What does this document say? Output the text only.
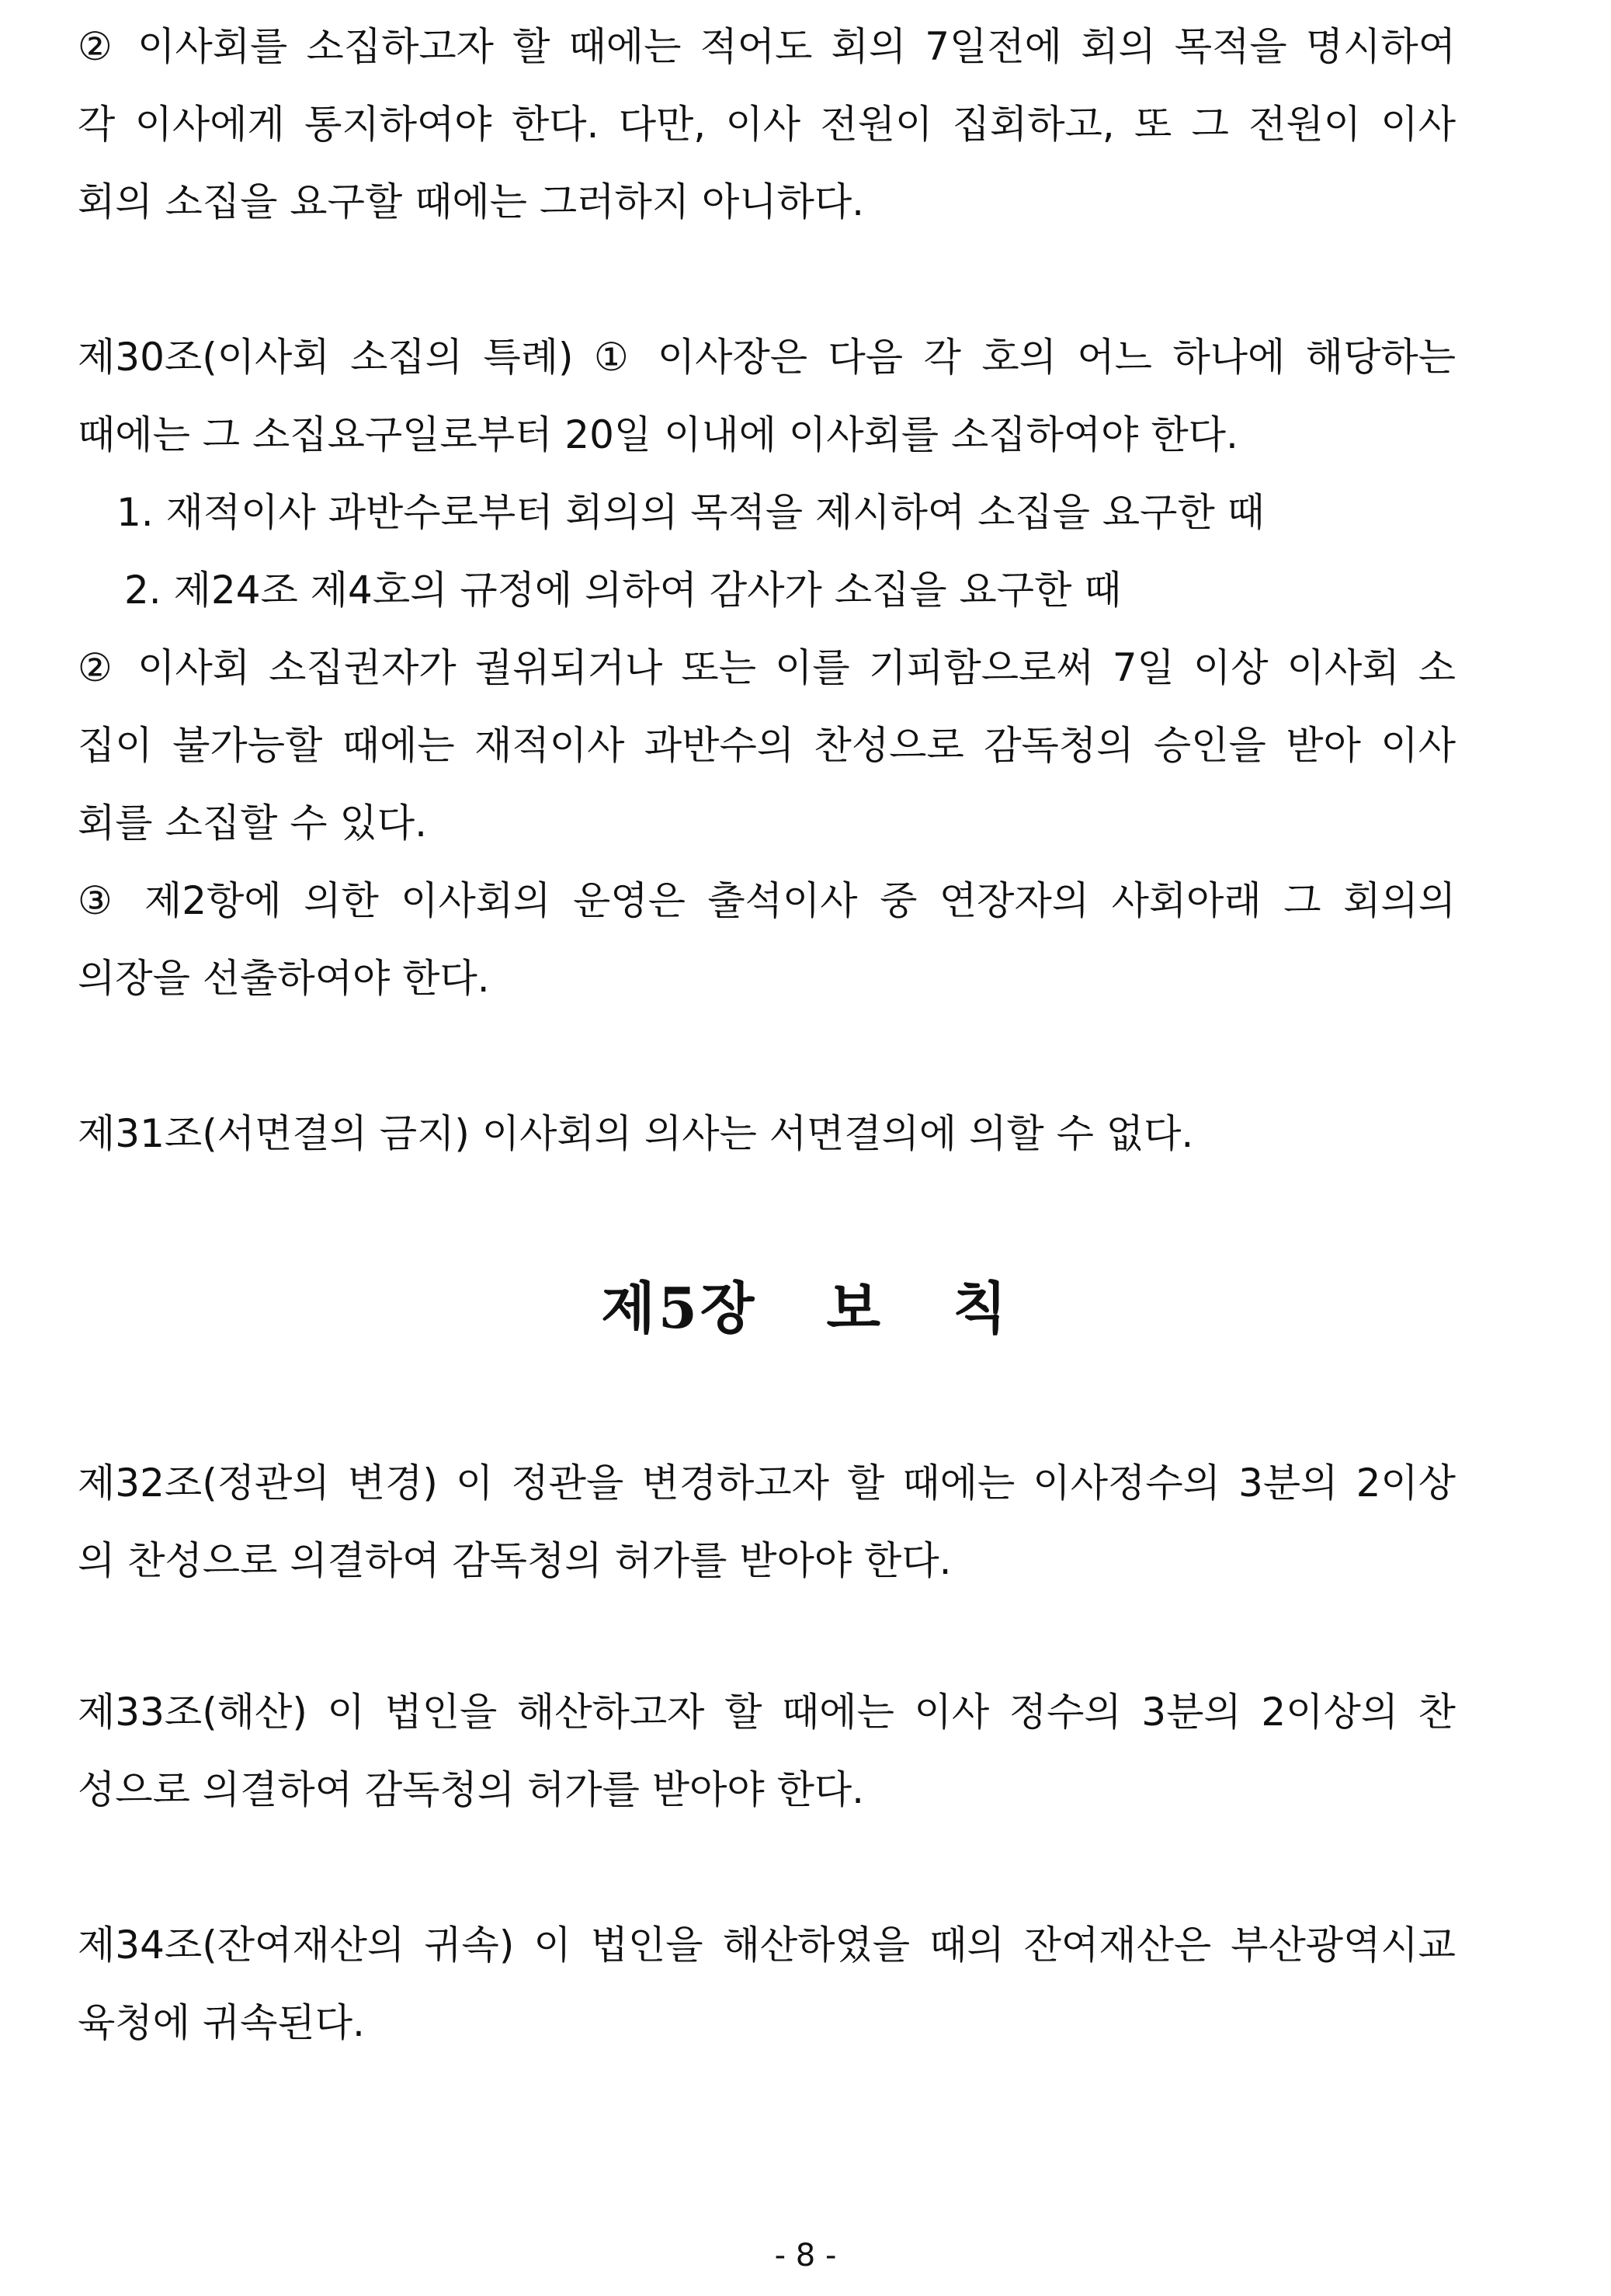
② 이사회를 소집하고자 할 때에는 적어도 회의 7일전에 회의 목적을 명시하여
각 이사에게 통지하여야 한다. 다만, 이사 전원이 집회하고, 또 그 전원이 이사
회의 소집을 요구할 때에는 그러하지 아니하다.
제30조(이사회 소집의 특례) ① 이사장은 다음 각 호의 어느 하나에 해당하는
때에는 그 소집요구일로부터 20일 이내에 이사회를 소집하여야 한다.
1. 재적이사 과반수로부터 회의의 목적을 제시하여 소집을 요구한 때
2. 제24조 제4호의 규정에 의하여 감사가 소집을 요구한 때
② 이사회 소집권자가 궐위되거나 또는 이를 기피함으로써 7일 이상 이사회 소
집이 불가능할 때에는 재적이사 과반수의 찬성으로 감독청의 승인을 받아 이사
회를 소집할 수 있다.
③ 제2항에 의한 이사회의 운영은 출석이사 중 연장자의 사회아래 그 회의의
의장을 선출하여야 한다.
제31조(서면결의 금지) 이사회의 의사는 서면결의에 의할 수 없다.
제5장 보 칙
제32조(정관의 변경) 이 정관을 변경하고자 할 때에는 이사정수의 3분의 2이상
의 찬성으로 의결하여 감독청의 허가를 받아야 한다.
제33조(해산) 이 법인을 해산하고자 할 때에는 이사 정수의 3분의 2이상의 찬
성으로 의결하여 감독청의 허가를 받아야 한다.
제34조(잔여재산의 귀속) 이 법인을 해산하였을 때의 잔여재산은 부산광역시교
육청에 귀속된다.
- 8 -
